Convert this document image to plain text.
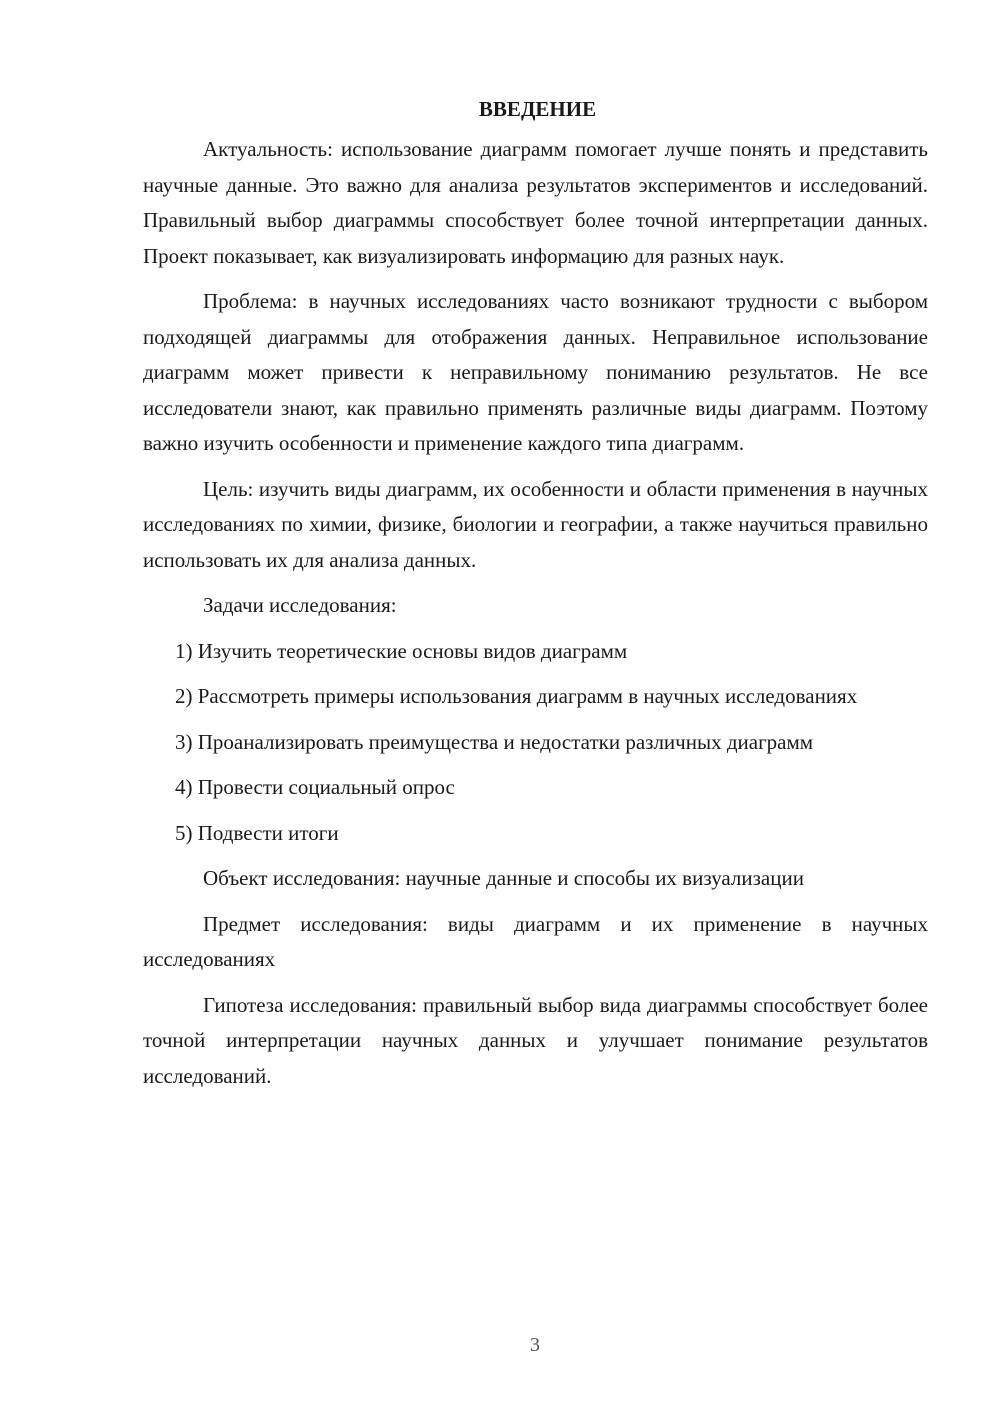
ВВЕДЕНИЕ

Актуальность: использование диаграмм помогает лучше понять и представить научные данные. Это важно для анализа результатов экспериментов и исследований. Правильный выбор диаграммы способствует более точной интерпретации данных. Проект показывает, как визуализировать информацию для разных наук.

Проблема: в научных исследованиях часто возникают трудности с выбором подходящей диаграммы для отображения данных. Неправильное использование диаграмм может привести к неправильному пониманию результатов. Не все исследователи знают, как правильно применять различные виды диаграмм. Поэтому важно изучить особенности и применение каждого типа диаграмм.

Цель: изучить виды диаграмм, их особенности и области применения в научных исследованиях по химии, физике, биологии и географии, а также научиться правильно использовать их для анализа данных.

Задачи исследования:

1) Изучить теоретические основы видов диаграмм

2) Рассмотреть примеры использования диаграмм в научных исследованиях

3) Проанализировать преимущества и недостатки различных диаграмм

4) Провести социальный опрос

5) Подвести итоги

Объект исследования: научные данные и способы их визуализации

Предмет исследования: виды диаграмм и их применение в научных исследованиях

Гипотеза исследования: правильный выбор вида диаграммы способствует более точной интерпретации научных данных и улучшает понимание результатов исследований.

3
